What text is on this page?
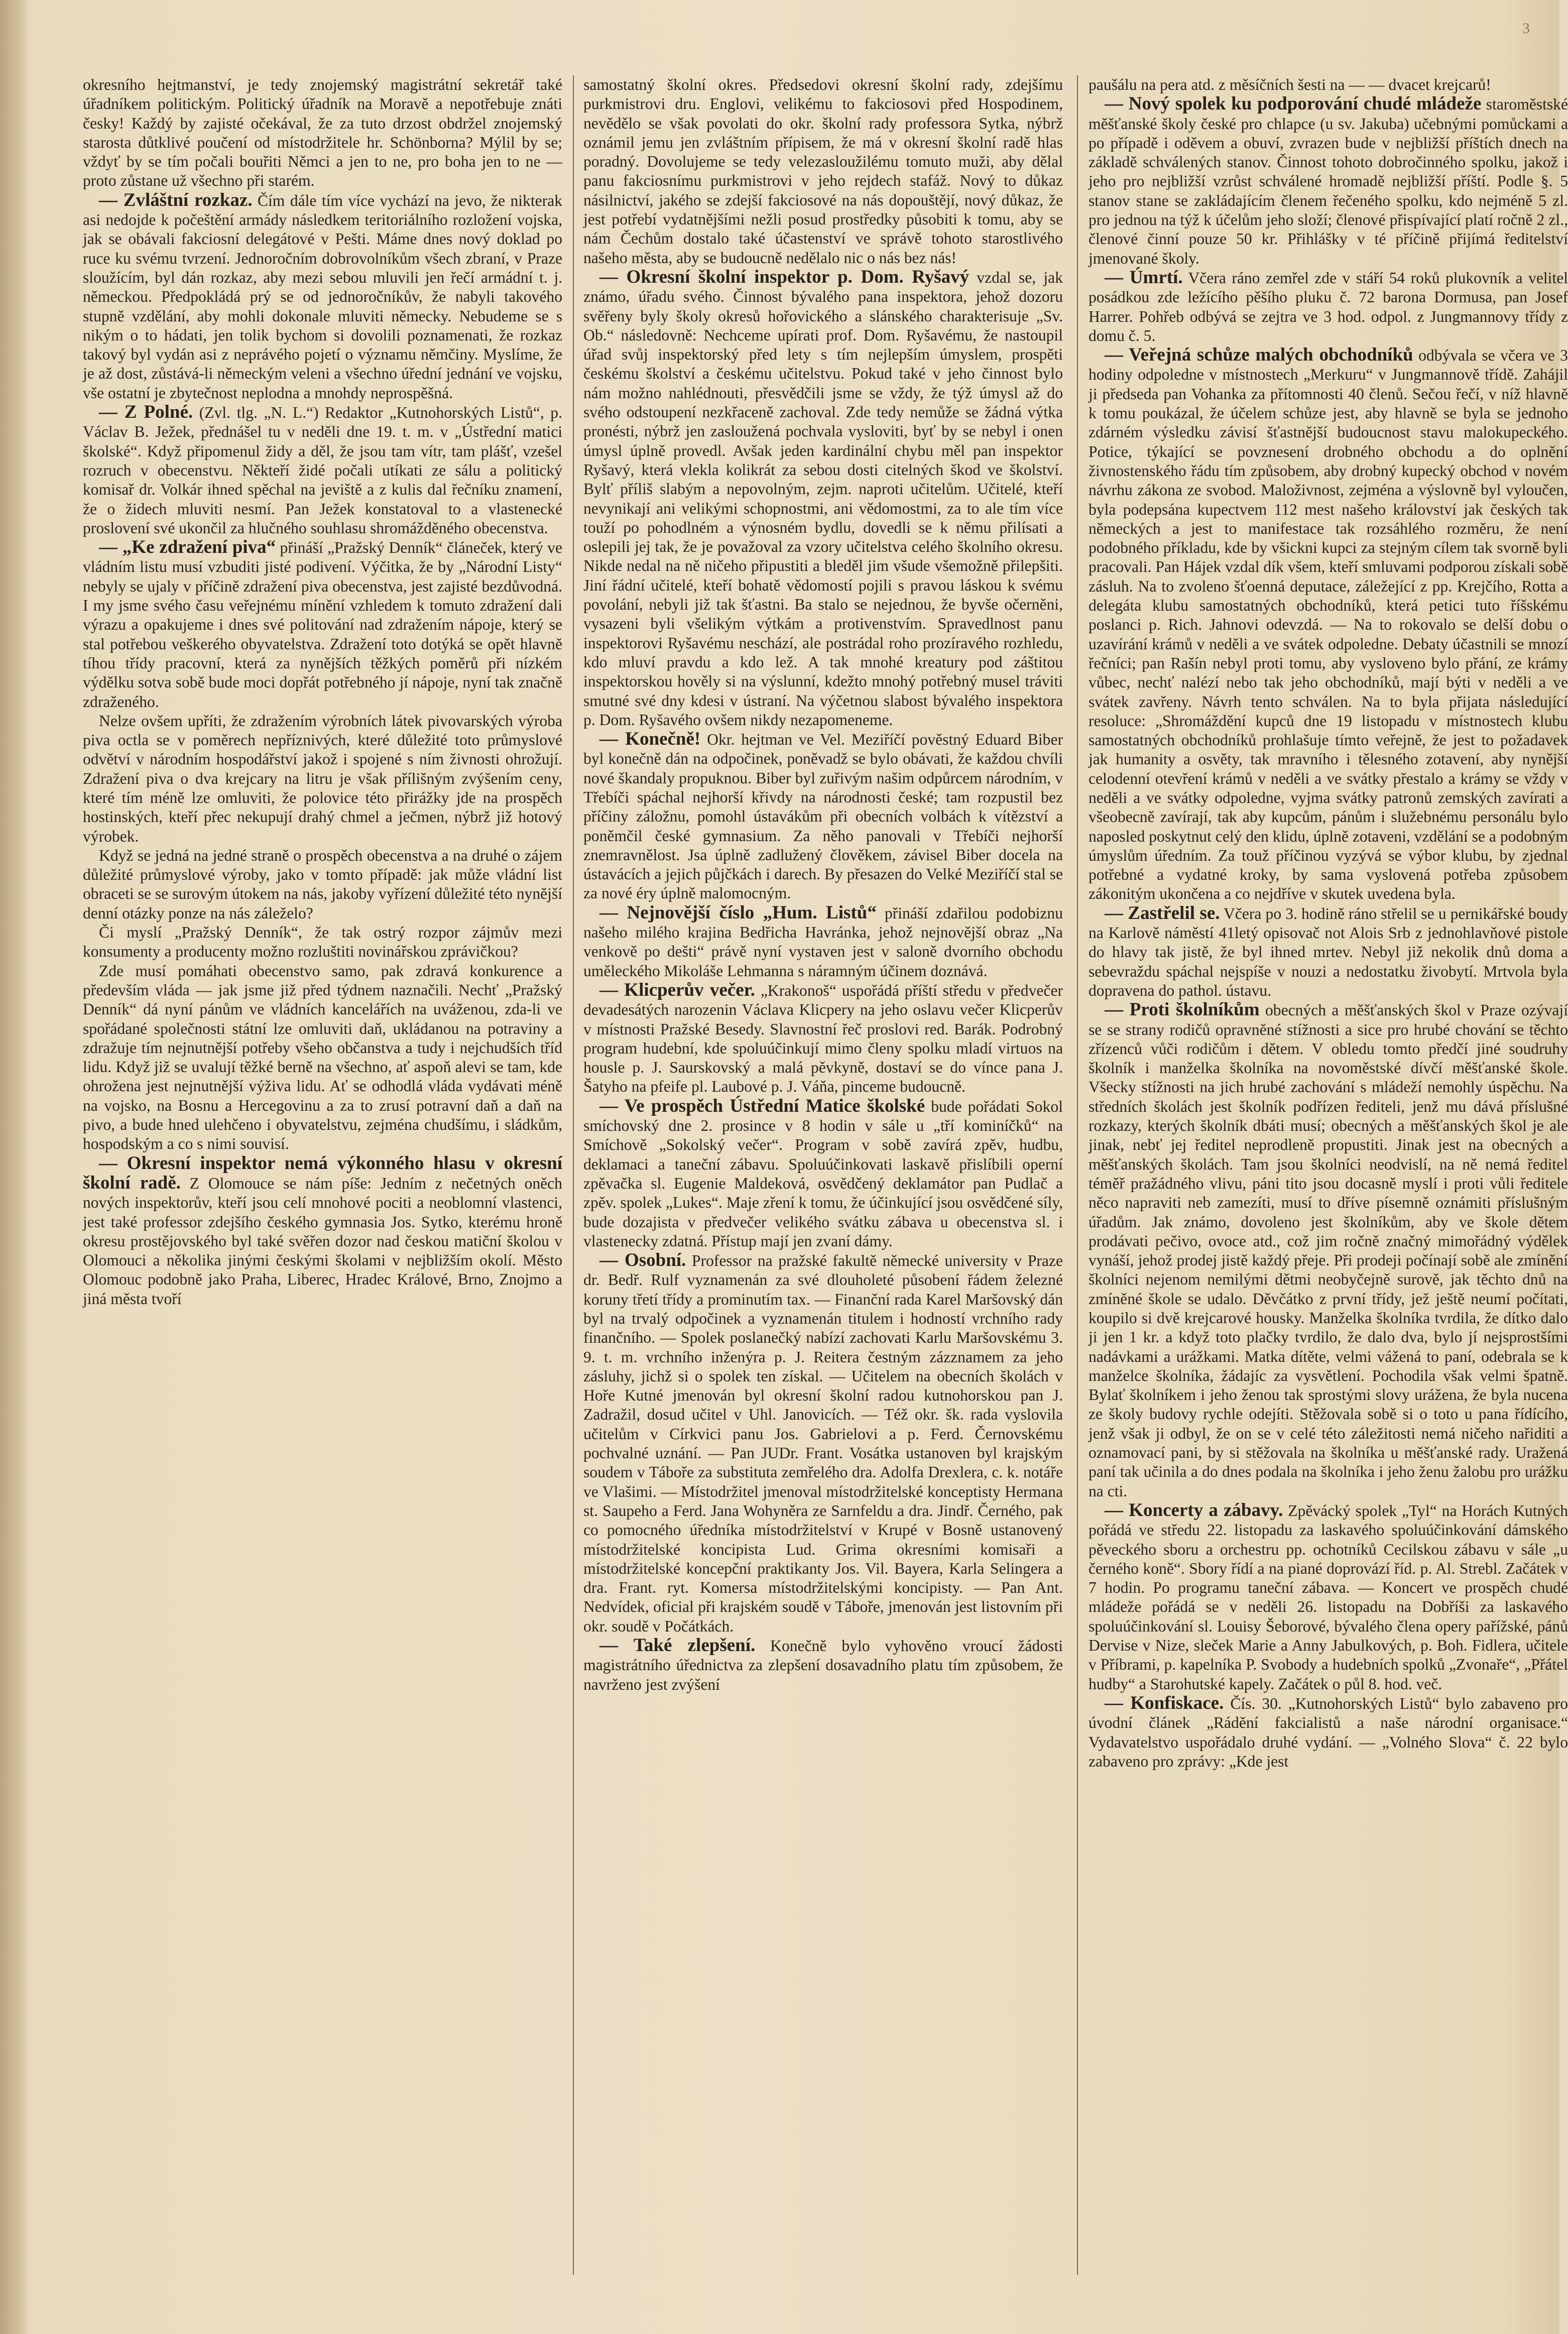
3

okresního hejtmanství, je tedy znojemský magistrátní sekretář také úřadníkem politickým. Politický úřadník na Moravě a nepotřebuje znáti česky! Každý by zajisté očekával, že za tuto drzost obdržel znojemský starosta důtklivé poučení od místodržitele hr. Schönborna? Mýlil by se; vždyť by se tím počali bouřiti Němci a jen to ne, pro boha jen to ne — proto zůstane už všechno při starém.

— Zvláštní rozkaz. Čím dále tím více vychází na jevo, že nikterak asi nedojde k počeštění armády následkem teritoriálního rozložení vojska, jak se obávali fakciosní delegátové v Pešti. Máme dnes nový doklad po ruce ku svému tvrzení. Jednoročním dobrovolníkům všech zbraní, v Praze sloužícím, byl dán rozkaz, aby mezi sebou mluvili jen řečí armádní t. j. německou. Předpokládá prý se od jednoročníkův, že nabyli takového stupně vzdělání, aby mohli dokonale mluviti německy. Nebudeme se s nikým o to hádati, jen tolik bychom si dovolili poznamenati, že rozkaz takový byl vydán asi z neprávého pojetí o významu němčiny. Myslíme, že je až dost, zůstává-li německým veleni a všechno úřední jednání ve vojsku, vše ostatní je zbytečnost neplodna a mnohdy neprospěšná.

— Z Polné. (Zvl. tlg. „N. L.“) Redaktor „Kutnohorských Listů“, p. Václav B. Ježek, přednášel tu v neděli dne 19. t. m. v „Ústřední matici školské“. Když připomenul židy a děl, že jsou tam vítr, tam plášť, vzešel rozruch v obecenstvu. Někteří židé počali utíkati ze sálu a politický komisař dr. Volkár ihned spěchal na jeviště a z kulis dal řečníku znamení, že o židech mluviti nesmí. Pan Ježek konstatoval to a vlastenecké proslovení své ukončil za hlučného souhlasu shromážděného obecenstva.

— „Ke zdražení piva“ přináší „Pražský Denník“ článeček, který ve vládním listu musí vzbuditi jisté podivení. Výčitka, že by „Národní Listy“ nebyly se ujaly v příčině zdražení piva obecenstva, jest zajisté bezdůvodná. I my jsme svého času veřejnému mínění vzhledem k tomuto zdražení dali výrazu a opakujeme i dnes své politování nad zdražením nápoje, který se stal potřebou veškerého obyvatelstva. Zdražení toto dotýká se opět hlavně tíhou třídy pracovní, která za nynějších těžkých poměrů při nízkém výdělku sotva sobě bude moci dopřát potřebného jí nápoje, nyní tak značně zdraženého.

Nelze ovšem upříti, že zdražením výrobních látek pivovarských výroba piva octla se v poměrech nepříznivých, které důležité toto průmyslové odvětví v národním hospodářství jakož i spojené s ním živnosti ohrožují. Zdražení piva o dva krejcary na litru je však přílišným zvýšením ceny, které tím méně lze omluviti, že polovice této přirážky jde na prospěch hostinských, kteří přec nekupují drahý chmel a ječmen, nýbrž již hotový výrobek.

Když se jedná na jedné straně o prospěch obecenstva a na druhé o zájem důležité průmyslové výroby, jako v tomto případě: jak může vládní list obraceti se se surovým útokem na nás, jakoby vyřízení důležité této nynější denní otázky ponze na nás záleželo?

Či myslí „Pražský Denník“, že tak ostrý rozpor zájmův mezi konsumenty a producenty možno rozluštiti novinářskou zprávičkou?

Zde musí pomáhati obecenstvo samo, pak zdravá konkurence a především vláda — jak jsme již před týdnem naznačili. Nechť „Pražský Denník“ dá nyní pánům ve vládních kancelářích na uváženou, zda-li ve spořádané společnosti státní lze omluviti daň, ukládanou na potraviny a zdražuje tím nejnutnější potřeby všeho občanstva a tudy i nejchudších tříd lidu. Když již se uvalují těžké berně na všechno, ať aspoň alevi se tam, kde ohrožena jest nejnutnější výživa lidu. Ať se odhodlá vláda vydávati méně na vojsko, na Bosnu a Hercegovinu a za to zrusí potravní daň a daň na pivo, a bude hned ulehčeno i obyvatelstvu, zejména chudšímu, i sládkům, hospodským a co s nimi souvisí.

— Okresní inspektor nemá výkonného hlasu v okresní školní radě. Z Olomouce se nám píše: Jedním z nečetných oněch nových inspektorův, kteří jsou celí mnohové pociti a neoblomní vlastenci, jest také professor zdejšího českého gymnasia Jos. Sytko, kterému hroně okresu prostějovského byl také svěřen dozor nad českou matiční školou v Olomouci a několika jinými českými školami v nejbližším okolí. Město Olomouc podobně jako Praha, Liberec, Hradec Králové, Brno, Znojmo a jiná města tvoří

samostatný školní okres. Předsedovi okresní školní rady, zdejšímu purkmistrovi dru. Englovi, velikému to fakciosovi před Hospodinem, nevědělo se však povolati do okr. školní rady professora Sytka, nýbrž oznámil jemu jen zvláštním přípisem, že má v okresní školní radě hlas poradný. Dovolujeme se tedy velezasloužilému tomuto muži, aby dělal panu fakciosnímu purkmistrovi v jeho rejdech stafáž. Nový to důkaz násilnictví, jakého se zdejší fakciosové na nás dopouštějí, nový důkaz, že jest potřebí vydatnějšími nežli posud prostředky působiti k tomu, aby se nám Čechům dostalo také účastenství ve správě tohoto starostlivého našeho města, aby se budoucně nedělalo nic o nás bez nás!

— Okresní školní inspektor p. Dom. Ryšavý vzdal se, jak známo, úřadu svého. Činnost bývalého pana inspektora, jehož dozoru svěřeny byly školy okresů hořovického a slánského charakterisuje „Sv. Ob.“ následovně: Nechceme upírati prof. Dom. Ryšavému, že nastoupil úřad svůj inspektorský před lety s tím nejlepším úmyslem, prospěti českému školství a českému učitelstvu. Pokud také v jeho činnost bylo nám možno nahlédnouti, přesvědčili jsme se vždy, že týž úmysl až do svého odstoupení nezkřaceně zachoval. Zde tedy nemůže se žádná výtka pronésti, nýbrž jen zasloužená pochvala vysloviti, byť by se nebyl i onen úmysl úplně provedl. Avšak jeden kardinální chybu měl pan inspektor Ryšavý, která vlekla kolikrát za sebou dosti citelných škod ve školství. Bylť příliš slabým a nepovolným, zejm. naproti učitelům. Učitelé, kteří nevynikají ani velikými schopnostmi, ani vědomostmi, za to ale tím více touží po pohodlném a výnosném bydlu, dovedli se k němu přilísati a oslepili jej tak, že je považoval za vzory učitelstva celého školního okresu. Nikde nedal na ně ničeho připustiti a bleděl jim všude všemožně přilepšiti. Jiní řádní učitelé, kteří bohatě vědomostí pojili s pravou láskou k svému povolání, nebyli již tak šťastni. Ba stalo se nejednou, že byvše očerněni, vysazeni byli všelikým výtkám a protivenstvím. Spravedlnost panu inspektorovi Ryšavému neschází, ale postrádal roho prozíravého rozhledu, kdo mluví pravdu a kdo lež. A tak mnohé kreatury pod záštitou inspektorskou hověly si na výslunní, kdežto mnohý potřebný musel tráviti smutné své dny kdesi v ústraní. Na výčetnou slabost bývalého inspektora p. Dom. Ryšavého ovšem nikdy nezapomeneme.

— Konečně! Okr. hejtman ve Vel. Meziříčí pověstný Eduard Biber byl konečně dán na odpočinek, poněvadž se bylo obávati, že každou chvíli nové škandaly propuknou. Biber byl zuřivým našim odpůrcem národním, v Třebíči spáchal nejhorší křivdy na národnosti české; tam rozpustil bez příčiny záložnu, pomohl ústavákům při obecních volbách k vítězství a poněmčil české gymnasium. Za něho panovali v Třebíči nejhorší znemravnělost. Jsa úplně zadlužený člověkem, závisel Biber docela na ústavácích a jejich půjčkách i darech. By přesazen do Velké Meziříčí stal se za nové éry úplně malomocným.

— Nejnovější číslo „Hum. Listů“ přináší zdařilou podobiznu našeho milého krajina Bedřicha Havránka, jehož nejnovější obraz „Na venkově po dešti“ právě nyní vystaven jest v saloně dvorního obchodu uměleckého Mikoláše Lehmanna s náramným účinem doznává.

— Klicperův večer. „Krakonoš“ uspořádá příští středu v předvečer devadesátých narozenin Václava Klicpery na jeho oslavu večer Klicperův v místnosti Pražské Besedy. Slavnostní řeč proslovi red. Barák. Podrobný program hudební, kde spoluúčinkují mimo členy spolku mladí virtuos na housle p. J. Saurskovský a malá pěvkyně, dostaví se do vínce pana J. Šatyho na pfeife pl. Laubové p. J. Váňa, pinceme budoucně.

— Ve prospěch Ústřední Matice školské bude pořádati Sokol smíchovský dne 2. prosince v 8 hodin v sále u „tří kominíčků“ na Smíchově „Sokolský večer“. Program v sobě zavírá zpěv, hudbu, deklamaci a taneční zábavu. Spoluúčinkovati laskavě přislíbili operní zpěvačka sl. Eugenie Maldeková, osvědčený deklamátor pan Pudlač a zpěv. spolek „Lukes“. Maje zření k tomu, že účinkující jsou osvědčené síly, bude dozajista v předvečer velikého svátku zábava u obecenstva sl. i vlastenecky zdatná. Přístup mají jen zvaní dámy.

— Osobní. Professor na pražské fakultě německé university v Praze dr. Bedř. Rulf vyznamenán za své dlouholeté působení řádem železné koruny třetí třídy a prominutím tax. — Finanční rada Karel Maršovský dán byl na trvalý odpočinek a vyznamenán titulem i hodností vrchního rady finančního. — Spolek poslanečký nabízí zachovati Karlu Maršovskému 3. 9. t. m. vrchního inženýra p. J. Reitera čestným zázznamem za jeho zásluhy, jichž si o spolek ten získal. — Učitelem na obecních školách v Hoře Kutné jmenován byl okresní školní radou kutnohorskou pan J. Zadražil, dosud učitel v Uhl. Janovicích. — Též okr. šk. rada vyslovila učitelům v Církvici panu Jos. Gabrielovi a p. Ferd. Černovskému pochvalné uznání. — Pan JUDr. Frant. Vosátka ustanoven byl krajským soudem v Táboře za substituta zemřelého dra. Adolfa Drexlera, c. k. notáře ve Vlašimi. — Místodržitel jmenoval místodržitelské konceptisty Hermana st. Saupeho a Ferd. Jana Wohyněra ze Sarnfeldu a dra. Jindř. Černého, pak co pomocného úředníka místodržitelství v Krupé v Bosně ustanovený místodržitelské koncipista Lud. Grima okresními komisaři a místodržitelské koncepční praktikanty Jos. Vil. Bayera, Karla Selingera a dra. Frant. ryt. Komersa místodržitelskými koncipisty. — Pan Ant. Nedvídek, oficial při krajském soudě v Táboře, jmenován jest listovním při okr. soudě v Počátkách.

— Také zlepšení. Konečně bylo vyhověno vroucí žádosti magistrátního úřednictva za zlepšení dosavadního platu tím způsobem, že navrženo jest zvýšení

paušálu na pera atd. z měsíčních šesti na — — dvacet krejcarů!

— Nový spolek ku podporování chudé mládeže staroměstské měšťanské školy české pro chlapce (u sv. Jakuba) učebnými pomůckami a po případě i oděvem a obuví, zvrazen bude v nejbližší příštích dnech na základě schválených stanov. Činnost tohoto dobročinného spolku, jakož i jeho pro nejbližší vzrůst schválené hromadě nejbližší příští. Podle §. 5 stanov stane se zakládajícím členem řečeného spolku, kdo nejméně 5 zl. pro jednou na týž k účelům jeho složí; členové přispívající platí ročně 2 zl., členové činní pouze 50 kr. Přihlášky v té příčině přijímá ředitelství jmenované školy.

— Úmrtí. Včera ráno zemřel zde v stáří 54 roků plukovník a velitel posádkou zde ležícího pěšího pluku č. 72 barona Dormusa, pan Josef Harrer. Pohřeb odbývá se zejtra ve 3 hod. odpol. z Jungmannovy třídy z domu č. 5.

— Veřejná schůze malých obchodníků odbývala se včera ve 3 hodiny odpoledne v místnostech „Merkuru“ v Jungmannově třídě. Zahájil ji předseda pan Vohanka za přítomnosti 40 členů. Sečou řečí, v níž hlavně k tomu poukázal, že účelem schůze jest, aby hlavně se byla se jednoho zdárném výsledku závisí šťastnější budoucnost stavu malokupeckého. Potice, týkající se povznesení drobného obchodu a do oplnění živnostenského řádu tím způsobem, aby drobný kupecký obchod v novém návrhu zákona ze svobod. Maloživnost, zejména a výslovně byl vyloučen, byla podepsána kupectvem 112 mest našeho království jak českých tak německých a jest to manifestace tak rozsáhlého rozměru, že není podobného příkladu, kde by všickni kupci za stejným cílem tak svorně byli pracovali. Pan Hájek vzdal dík všem, kteří smluvami podporou získali sobě zásluh. Na to zvoleno šťoenná deputace, záležející z pp. Krejčího, Rotta a delegáta klubu samostatných obchodníků, která petici tuto říšskému poslanci p. Rich. Jahnovi odevzdá. — Na to rokovalo se delší dobu o uzavírání krámů v neděli a ve svátek odpoledne. Debaty účastnili se mnozí řečníci; pan Rašín nebyl proti tomu, aby vysloveno bylo přání, ze krámy vůbec, nechť nalézí nebo tak jeho obchodníků, mají býti v neděli a ve svátek zavřeny. Návrh tento schválen. Na to byla přijata následující resoluce: „Shromáždění kupců dne 19 listopadu v místnostech klubu samostatných obchodníků prohlašuje tímto veřejně, že jest to požadavek jak humanity a osvěty, tak mravního i tělesného zotavení, aby nynější celodenní otevření krámů v neděli a ve svátky přestalo a krámy se vždy v neděli a ve svátky odpoledne, vyjma svátky patronů zemských zavírati a všeobecně zavírají, tak aby kupcům, pánům i služebnému personálu bylo naposled poskytnut celý den klidu, úplně zotaveni, vzdělání se a podobným úmyslům úředním. Za touž příčinou vyzývá se výbor klubu, by zjednal potřebné a vydatné kroky, by sama vyslovená potřeba způsobem zákonitým ukončena a co nejdříve v skutek uvedena byla.

— Zastřelil se. Včera po 3. hodině ráno střelil se u pernikářské boudy na Karlově náměstí 41letý opisovač not Alois Srb z jednohlavňové pistole do hlavy tak jistě, že byl ihned mrtev. Nebyl již nekolik dnů doma a sebevraždu spáchal nejspíše v nouzi a nedostatku živobytí. Mrtvola byla dopravena do pathol. ústavu.

— Proti školníkům obecných a měšťanských škol v Praze ozývají se se strany rodičů opravněné stížnosti a sice pro hrubé chování se těchto zřízenců vůči rodičům i dětem. V obledu tomto předčí jiné soudruhy školník i manželka školníka na novoměstské dívčí měšťanské škole. Všecky stížnosti na jich hrubé zachování s mládeží nemohly úspěchu. Na středních školách jest školník podřízen řediteli, jenž mu dává příslušné rozkazy, kterých školník dbáti musí; obecných a měšťanských škol je ale jinak, nebť jej ředitel neprodleně propustiti. Jinak jest na obecných a měšťanských školách. Tam jsou školníci neodvislí, na ně nemá ředitel téměř pražádného vlivu, páni tito jsou docasně myslí i proti vůli ředitele něco napraviti neb zamezíti, musí to dříve písemně oznámiti příslušným úřadům. Jak známo, dovoleno jest školníkům, aby ve škole dětem prodávati pečivo, ovoce atd., což jim ročně značný mimořádný výdělek vynáší, jehož prodej jistě každý přeje. Při prodeji počínají sobě ale zmínění školníci nejenom nemilými dětmi neobyčejně surově, jak těchto dnů na zmíněné škole se udalo. Děvčátko z první třídy, jež ještě neumí počítati, koupilo si dvě krejcarové housky. Manželka školníka tvrdila, že dítko dalo ji jen 1 kr. a když toto plačky tvrdilo, že dalo dva, bylo jí nejsprostšími nadávkami a urážkami. Matka dítěte, velmi vážená to paní, odebrala se k manželce školníka, žádajíc za vysvětlení. Pochodila však velmi špatně. Bylať školníkem i jeho ženou tak sprostými slovy urážena, že byla nucena ze školy budovy rychle odejíti. Stěžovala sobě si o toto u pana řídícího, jenž však ji odbyl, že on se v celé této záležitosti nemá ničeho nařiditi a oznamovací pani, by si stěžovala na školníka u měšťanské rady. Uražená paní tak učinila a do dnes podala na školníka i jeho ženu žalobu pro urážku na cti.

— Koncerty a zábavy. Zpěvácký spolek „Tyl“ na Horách Kutných pořádá ve středu 22. listopadu za laskavého spoluúčinkování dámského pěveckého sboru a orchestru pp. ochotníků Cecilskou zábavu v sále „u černého koně“. Sbory řídí a na piané doprovází říd. p. Al. Strebl. Začátek v 7 hodin. Po programu taneční zábava. — Koncert ve prospěch chudé mládeže pořádá se v neděli 26. listopadu na Dobříši za laskavého spoluúčinkování sl. Louisy Šeborové, bývalého člena opery pařížské, pánů Dervise v Nize, sleček Marie a Anny Jabulkových, p. Boh. Fidlera, učitele v Příbrami, p. kapelníka P. Svobody a hudebních spolků „Zvonaře“, „Přátel hudby“ a Starohutské kapely. Začátek o půl 8. hod. več.

— Konfiskace. Čís. 30. „Kutnohorských Listů“ bylo zabaveno pro úvodní článek „Rádění fakcialistů a naše národní organisace.“ Vydavatelstvo uspořádalo druhé vydání. — „Volného Slova“ č. 22 bylo zabaveno pro zprávy: „Kde jest
